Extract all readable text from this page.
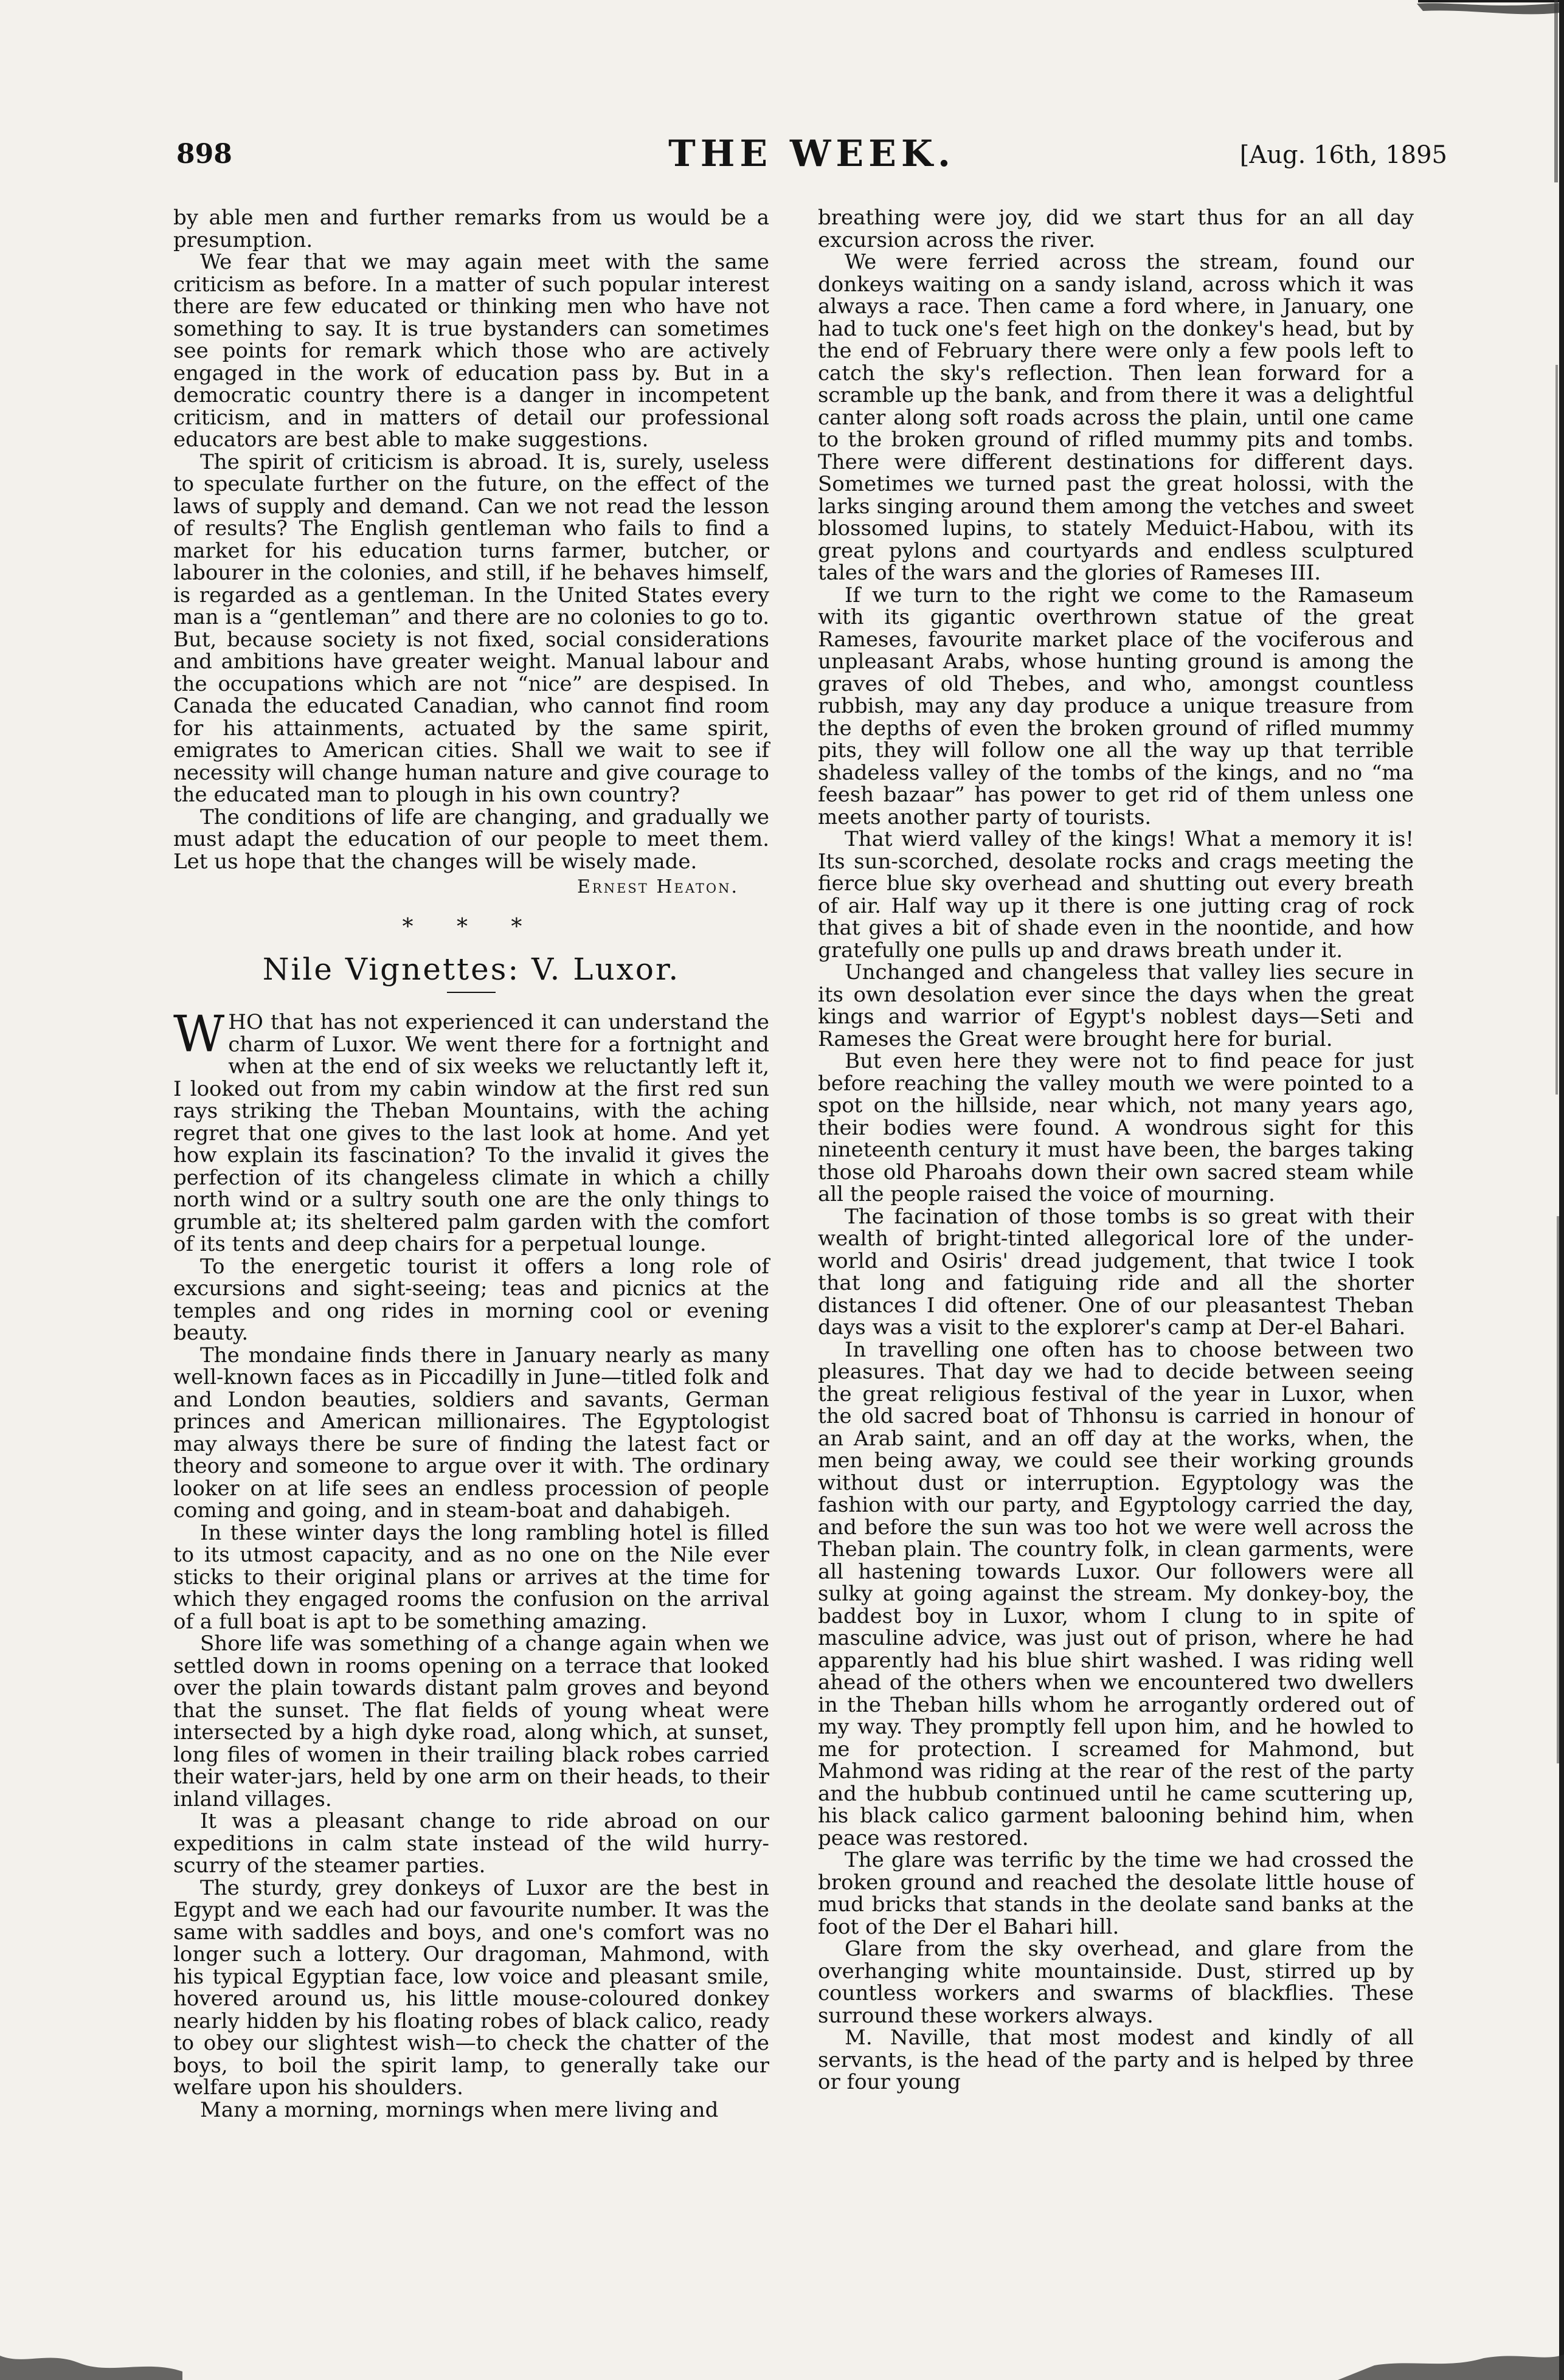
898	THE WEEK.	[Aug. 16th, 1895

by able men and further remarks from us would be a presumption.

We fear that we may again meet with the same criticism as before. In a matter of such popular interest there are few educated or thinking men who have not something to say. It is true bystanders can sometimes see points for remark which those who are actively engaged in the work of education pass by. But in a democratic country there is a danger in incompetent criticism, and in matters of detail our professional educators are best able to make suggestions.

The spirit of criticism is abroad. It is, surely, useless to speculate further on the future, on the effect of the laws of supply and demand. Can we not read the lesson of results? The English gentleman who fails to find a market for his education turns farmer, butcher, or labourer in the colonies, and still, if he behaves himself, is regarded as a gentleman. In the United States every man is a “gentleman” and there are no colonies to go to. But, because society is not fixed, social considerations and ambitions have greater weight. Manual labour and the occupations which are not “nice” are despised. In Canada the educated Canadian, who cannot find room for his attainments, actuated by the same spirit, emigrates to American cities. Shall we wait to see if necessity will change human nature and give courage to the educated man to plough in his own country?

The conditions of life are changing, and gradually we must adapt the education of our people to meet them. Let us hope that the changes will be wisely made.

Ernest Heaton.
* * *
Nile Vignettes: V. Luxor.

WHO that has not experienced it can understand the charm of Luxor. We went there for a fortnight and when at the end of six weeks we reluctantly left it, I looked out from my cabin window at the first red sun rays striking the Theban Mountains, with the aching regret that one gives to the last look at home. And yet how explain its fascination? To the invalid it gives the perfection of its changeless climate in which a chilly north wind or a sultry south one are the only things to grumble at; its sheltered palm garden with the comfort of its tents and deep chairs for a perpetual lounge.

To the energetic tourist it offers a long role of excursions and sight-seeing; teas and picnics at the temples and ong rides in morning cool or evening beauty.

The mondaine finds there in January nearly as many well-known faces as in Piccadilly in June—titled folk and and London beauties, soldiers and savants, German princes and American millionaires. The Egyptologist may always there be sure of finding the latest fact or theory and someone to argue over it with. The ordinary looker on at life sees an endless procession of people coming and going, and in steam-boat and dahabigeh.

In these winter days the long rambling hotel is filled to its utmost capacity, and as no one on the Nile ever sticks to their original plans or arrives at the time for which they engaged rooms the confusion on the arrival of a full boat is apt to be something amazing.

Shore life was something of a change again when we settled down in rooms opening on a terrace that looked over the plain towards distant palm groves and beyond that the sunset. The flat fields of young wheat were intersected by a high dyke road, along which, at sunset, long files of women in their trailing black robes carried their water-jars, held by one arm on their heads, to their inland villages.

It was a pleasant change to ride abroad on our expeditions in calm state instead of the wild hurry-scurry of the steamer parties.

The sturdy, grey donkeys of Luxor are the best in Egypt and we each had our favourite number. It was the same with saddles and boys, and one's comfort was no longer such a lottery. Our dragoman, Mahmond, with his typical Egyptian face, low voice and pleasant smile, hovered around us, his little mouse-coloured donkey nearly hidden by his floating robes of black calico, ready to obey our slightest wish—to check the chatter of the boys, to boil the spirit lamp, to generally take our welfare upon his shoulders.

Many a morning, mornings when mere living and

breathing were joy, did we start thus for an all day excursion across the river.

We were ferried across the stream, found our donkeys waiting on a sandy island, across which it was always a race. Then came a ford where, in January, one had to tuck one's feet high on the donkey's head, but by the end of February there were only a few pools left to catch the sky's reflection. Then lean forward for a scramble up the bank, and from there it was a delightful canter along soft roads across the plain, until one came to the broken ground of rifled mummy pits and tombs. There were different destinations for different days. Sometimes we turned past the great holossi, with the larks singing around them among the vetches and sweet blossomed lupins, to stately Meduict-Habou, with its great pylons and courtyards and endless sculptured tales of the wars and the glories of Rameses III.

If we turn to the right we come to the Ramaseum with its gigantic overthrown statue of the great Rameses, favourite market place of the vociferous and unpleasant Arabs, whose hunting ground is among the graves of old Thebes, and who, amongst countless rubbish, may any day produce a unique treasure from the depths of even the broken ground of rifled mummy pits, they will follow one all the way up that terrible shadeless valley of the tombs of the kings, and no “ma feesh bazaar” has power to get rid of them unless one meets another party of tourists.

That wierd valley of the kings! What a memory it is! Its sun-scorched, desolate rocks and crags meeting the fierce blue sky overhead and shutting out every breath of air. Half way up it there is one jutting crag of rock that gives a bit of shade even in the noontide, and how gratefully one pulls up and draws breath under it.

Unchanged and changeless that valley lies secure in its own desolation ever since the days when the great kings and warrior of Egypt's noblest days—Seti and Rameses the Great were brought here for burial.

But even here they were not to find peace for just before reaching the valley mouth we were pointed to a spot on the hillside, near which, not many years ago, their bodies were found. A wondrous sight for this nineteenth century it must have been, the barges taking those old Pharoahs down their own sacred steam while all the people raised the voice of mourning.

The facination of those tombs is so great with their wealth of bright-tinted allegorical lore of the under-world and Osiris' dread judgement, that twice I took that long and fatiguing ride and all the shorter distances I did oftener. One of our pleasantest Theban days was a visit to the explorer's camp at Der-el Bahari.

In travelling one often has to choose between two pleasures. That day we had to decide between seeing the great religious festival of the year in Luxor, when the old sacred boat of Thhonsu is carried in honour of an Arab saint, and an off day at the works, when, the men being away, we could see their working grounds without dust or interruption. Egyptology was the fashion with our party, and Egyptology carried the day, and before the sun was too hot we were well across the Theban plain. The country folk, in clean garments, were all hastening towards Luxor. Our followers were all sulky at going against the stream. My donkey-boy, the baddest boy in Luxor, whom I clung to in spite of masculine advice, was just out of prison, where he had apparently had his blue shirt washed. I was riding well ahead of the others when we encountered two dwellers in the Theban hills whom he arrogantly ordered out of my way. They promptly fell upon him, and he howled to me for protection. I screamed for Mahmond, but Mahmond was riding at the rear of the rest of the party and the hubbub continued until he came scuttering up, his black calico garment balooning behind him, when peace was restored.

The glare was terrific by the time we had crossed the broken ground and reached the desolate little house of mud bricks that stands in the deolate sand banks at the foot of the Der el Bahari hill.

Glare from the sky overhead, and glare from the overhanging white mountainside. Dust, stirred up by countless workers and swarms of blackflies. These surround these workers always.

M. Naville, that most modest and kindly of all servants, is the head of the party and is helped by three or four young
